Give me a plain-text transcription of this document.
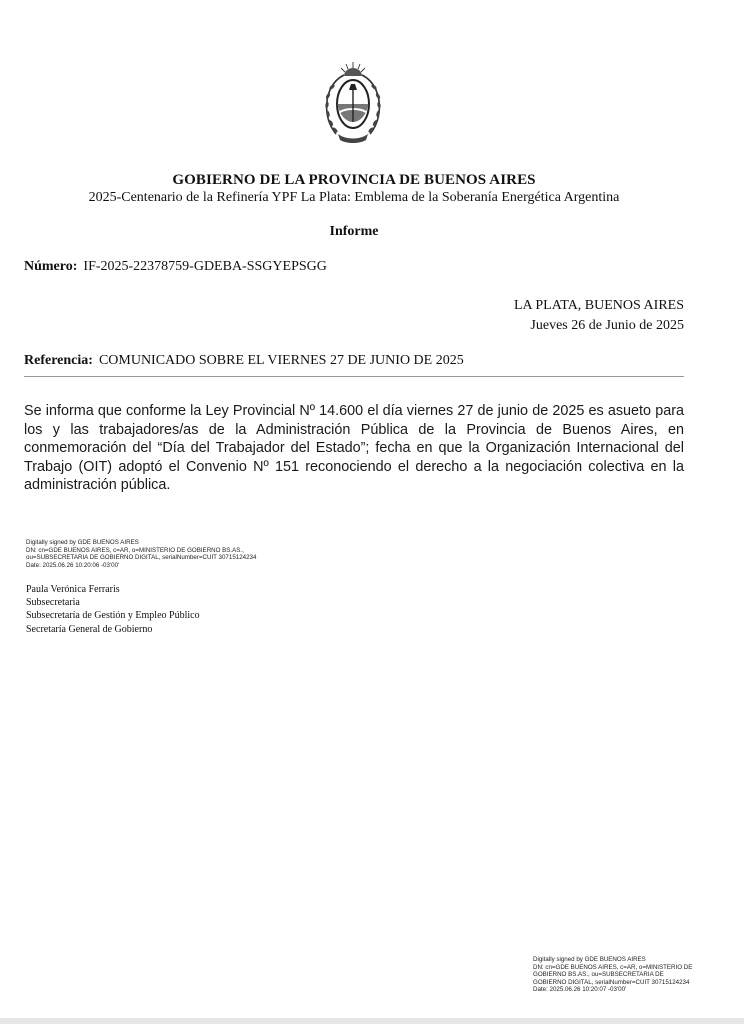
GOBIERNO DE LA PROVINCIA DE BUENOS AIRES
2025-Centenario de la Refinería YPF La Plata: Emblema de la Soberanía Energética Argentina
Informe
Número: IF-2025-22378759-GDEBA-SSGYEPSGG
LA PLATA, BUENOS AIRES
Jueves 26 de Junio de 2025
Referencia: COMUNICADO SOBRE EL VIERNES 27 DE JUNIO DE 2025
Se informa que conforme la Ley Provincial Nº 14.600 el día viernes 27 de junio de 2025 es asueto para los y las trabajadores/as de la Administración Pública de la Provincia de Buenos Aires, en conmemoración del “Día del Trabajador del Estado”; fecha en que la Organización Internacional del Trabajo (OIT) adoptó el Convenio Nº 151 reconociendo el derecho a la negociación colectiva en la administración pública.
Digitally signed by GDE BUENOS AIRES
DN: cn=GDE BUENOS AIRES, c=AR, o=MINISTERIO DE GOBIERNO BS.AS.,
ou=SUBSECRETARIA DE GOBIERNO DIGITAL, serialNumber=CUIT 30715124234
Date: 2025.06.26 10:20:06 -03'00'
Paula Verónica Ferraris
Subsecretaria
Subsecretaría de Gestión y Empleo Público
Secretaría General de Gobierno
Digitally signed by GDE BUENOS AIRES
DN: cn=GDE BUENOS AIRES, c=AR, o=MINISTERIO DE
GOBIERNO BS.AS., ou=SUBSECRETARIA DE
GOBIERNO DIGITAL, serialNumber=CUIT 30715124234
Date: 2025.06.26 10:20:07 -03'00'
